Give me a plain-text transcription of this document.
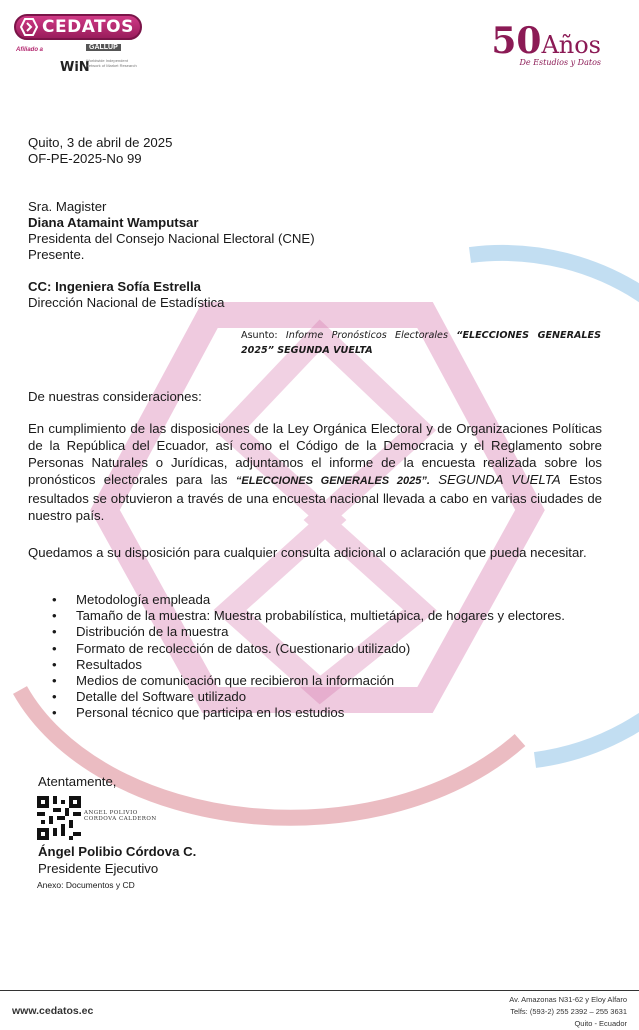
CEDATOS
Afiliado a	GALLUP
WiN
Worldwide Independent Network of Market Research
50Años
De Estudios y Datos
Quito, 3 de abril de 2025
OF-PE-2025-No 99
Sra. Magister
Diana Atamaint Wamputsar
Presidenta del Consejo Nacional Electoral (CNE)
Presente.
CC: Ingeniera Sofía Estrella
Dirección Nacional de Estadística
Asunto: Informe Pronósticos Electorales “ELECCIONES GENERALES 2025” SEGUNDA VUELTA
De nuestras consideraciones:
En cumplimiento de las disposiciones de la Ley Orgánica Electoral y de Organizaciones Políticas de la República del Ecuador, así como el Código de la Democracia y el Reglamento sobre Personas Naturales o Jurídicas, adjuntamos el informe de la encuesta realizada sobre los pronósticos electorales para las “ELECCIONES GENERALES 2025”. SEGUNDA VUELTA Estos resultados se obtuvieron a través de una encuesta nacional llevada a cabo en varias ciudades de nuestro país.
Quedamos a su disposición para cualquier consulta adicional o aclaración que pueda necesitar.
• Metodología empleada
• Tamaño de la muestra: Muestra probabilística, multietápica, de hogares y electores.
• Distribución de la muestra
• Formato de recolección de datos. (Cuestionario utilizado)
• Resultados
• Medios de comunicación que recibieron la información
• Detalle del Software utilizado
• Personal técnico que participa en los estudios
Atentamente,
ANGEL POLIVIO
CORDOVA CALDERON
Ángel Polibio Córdova C.
Presidente Ejecutivo
Anexo: Documentos y CD
www.cedatos.ec
Av. Amazonas N31-62 y Eloy Alfaro
Telfs: (593-2) 255 2392 – 255 3631
Quito - Ecuador
